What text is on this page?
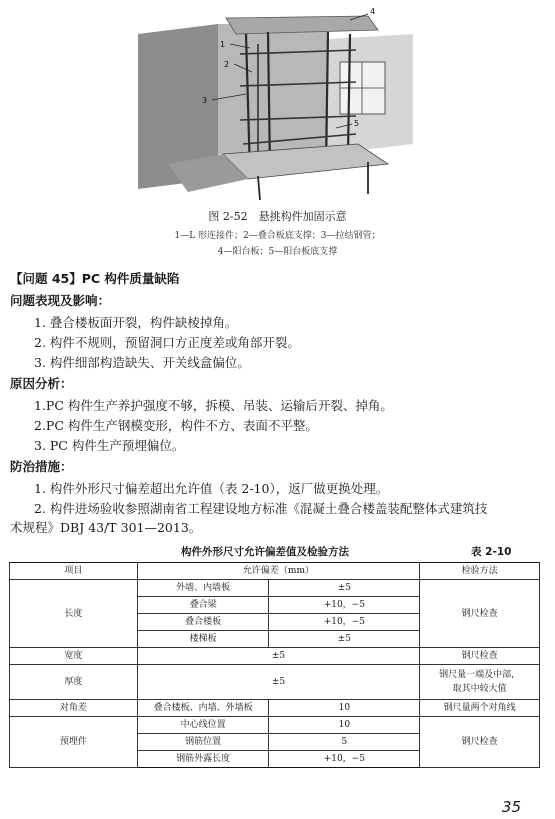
1
2
3
4
5
图 2-52　悬挑构件加固示意
1—L 形连接件；2—叠合板底支撑；3—拉结钢管；
4—阳台板；5—阳台板底支撑
【问题 45】PC 构件质量缺陷
问题表现及影响：
1. 叠合楼板面开裂，构件缺棱掉角。
2. 构件不规则，预留洞口方正度差或角部开裂。
3. 构件细部构造缺失、开关线盒偏位。
原因分析：
1.PC 构件生产养护强度不够，拆模、吊装、运输后开裂、掉角。
2.PC 构件生产钢模变形，构件不方、表面不平整。
3. PC 构件生产预埋偏位。
防治措施：
1. 构件外形尺寸偏差超出允许值（表 2-10），返厂做更换处理。
2. 构件进场验收参照湖南省工程建设地方标准《混凝土叠合楼盖装配整体式建筑技
术规程》DBJ 43/T 301—2013。
构件外形尺寸允许偏差值及检验方法	表 2-10
项目	允许偏差（mm）		检验方法
长度	外墙、内墙板	±5	钢尺检查
	叠合梁	+10，−5	
	叠合楼板	+10，−5	
	楼梯板	±5	
宽度	±5		钢尺检查
厚度	±5		钢尺量一端及中部，
取其中较大值

对角差	叠合楼板、内墙、外墙板	10	钢尺量两个对角线
预埋件	中心线位置	10	钢尺检查
	钢筋位置	5	
	钢筋外露长度	+10，−5	
35
